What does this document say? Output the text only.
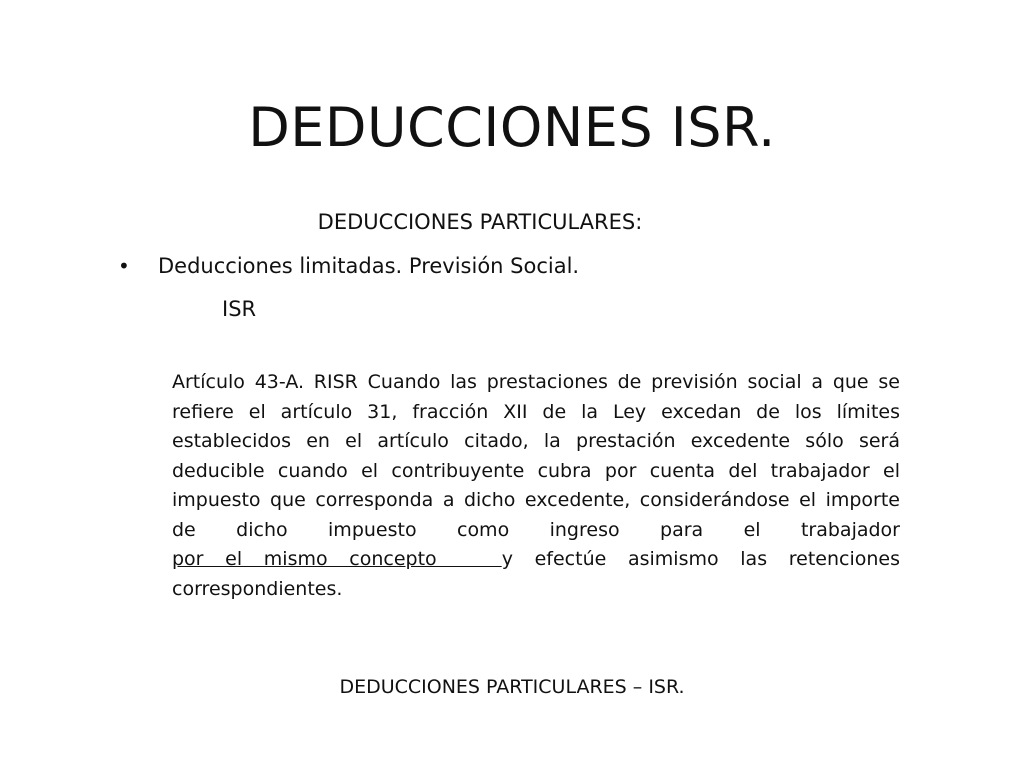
DEDUCCIONES ISR.
DEDUCCIONES PARTICULARES:
•	Deducciones limitadas. Previsión Social.
ISR

Artículo 43-A. RISR Cuando las prestaciones de previsión social a que se refiere el artículo 31, fracción XII de la Ley excedan de los límites establecidos en el artículo citado, la prestación excedente sólo será deducible cuando el contribuyente cubra por cuenta del trabajador el impuesto que corresponda a dicho excedente, considerándose el importe de dicho impuesto como ingreso para el trabajador por el mismo concepto   y efectúe asimismo las retenciones correspondientes.

DEDUCCIONES PARTICULARES – ISR.
